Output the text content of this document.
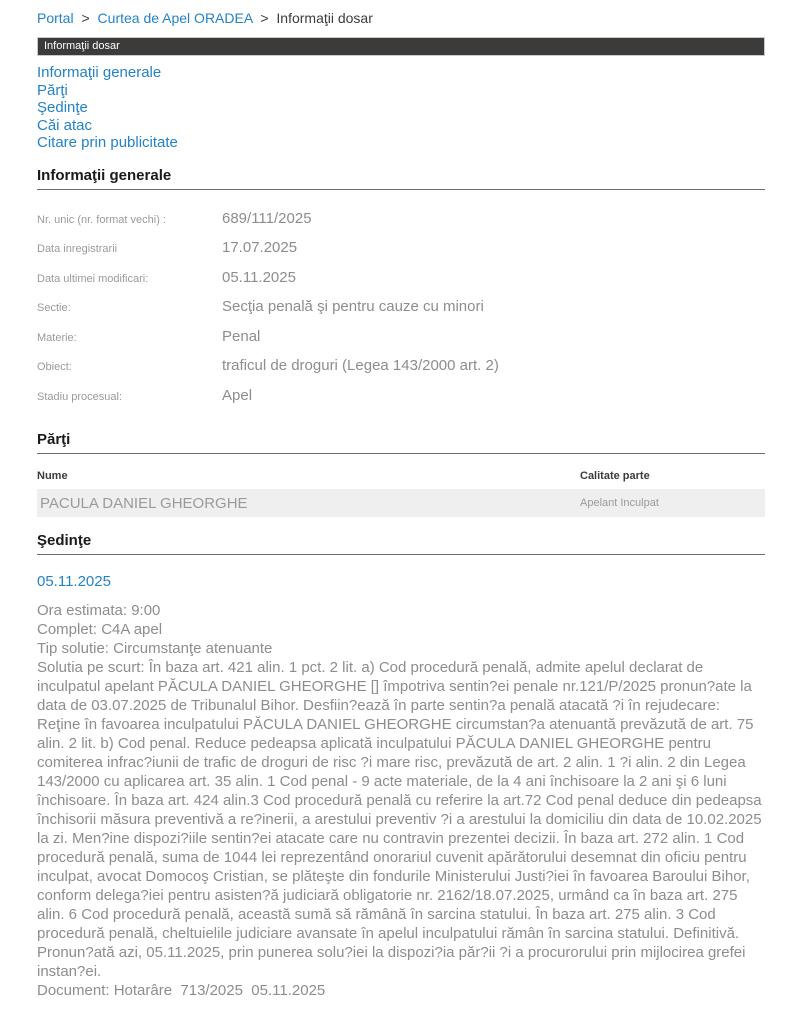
Portal > Curtea de Apel ORADEA > Informaţii dosar
Informaţii dosar
Informaţii generale
Părţi
Şedinţe
Căi atac
Citare prin publicitate
Informaţii generale
Nr. unic (nr. format vechi) :	689/111/2025
Data inregistrarii	17.07.2025
Data ultimei modificari:	05.11.2025
Sectie:	Secţia penală şi pentru cauze cu minori
Materie:	Penal
Obiect:	traficul de droguri (Legea 143/2000 art. 2)
Stadiu procesual:	Apel
Părţi
Nume	Calitate parte
PACULA DANIEL GHEORGHE	Apelant Inculpat
Şedinţe
05.11.2025
Ora estimata: 9:00
Complet: C4A apel
Tip solutie: Circumstanţe atenuante
Solutia pe scurt: În baza art. 421 alin. 1 pct. 2 lit. a) Cod procedură penală, admite apelul declarat de inculpatul apelant PĂCULA DANIEL GHEORGHE [] împotriva sentin?ei penale nr.121/P/2025 pronun?ate la data de 03.07.2025 de Tribunalul Bihor. Desfiin?ează în parte sentin?a penală atacată ?i în rejudecare: Reţine în favoarea inculpatului PĂCULA DANIEL GHEORGHE circumstan?a atenuantă prevăzută de art. 75 alin. 2 lit. b) Cod penal. Reduce pedeapsa aplicată inculpatului PĂCULA DANIEL GHEORGHE pentru comiterea infrac?iunii de trafic de droguri de risc ?i mare risc, prevăzută de art. 2 alin. 1 ?i alin. 2 din Legea 143/2000 cu aplicarea art. 35 alin. 1 Cod penal - 9 acte materiale, de la 4 ani închisoare la 2 ani şi 6 luni închisoare. În baza art. 424 alin.3 Cod procedură penală cu referire la art.72 Cod penal deduce din pedeapsa închisorii măsura preventivă a re?inerii, a arestului preventiv ?i a arestului la domiciliu din data de 10.02.2025 la zi. Men?ine dispozi?iile sentin?ei atacate care nu contravin prezentei decizii. În baza art. 272 alin. 1 Cod procedură penală, suma de 1044 lei reprezentând onorariul cuvenit apărătorului desemnat din oficiu pentru inculpat, avocat Domocoş Cristian, se plăteşte din fondurile Ministerului Justi?iei în favoarea Baroului Bihor, conform delega?iei pentru asisten?ă judiciară obligatorie nr. 2162/18.07.2025, urmând ca în baza art. 275 alin. 6 Cod procedură penală, această sumă să rămână în sarcina statului. În baza art. 275 alin. 3 Cod procedură penală, cheltuielile judiciare avansate în apelul inculpatului rămân în sarcina statului. Definitivă. Pronun?ată azi, 05.11.2025, prin punerea solu?iei la dispozi?ia păr?ii ?i a procurorului prin mijlocirea grefei instan?ei.
Document: Hotarâre  713/2025  05.11.2025
